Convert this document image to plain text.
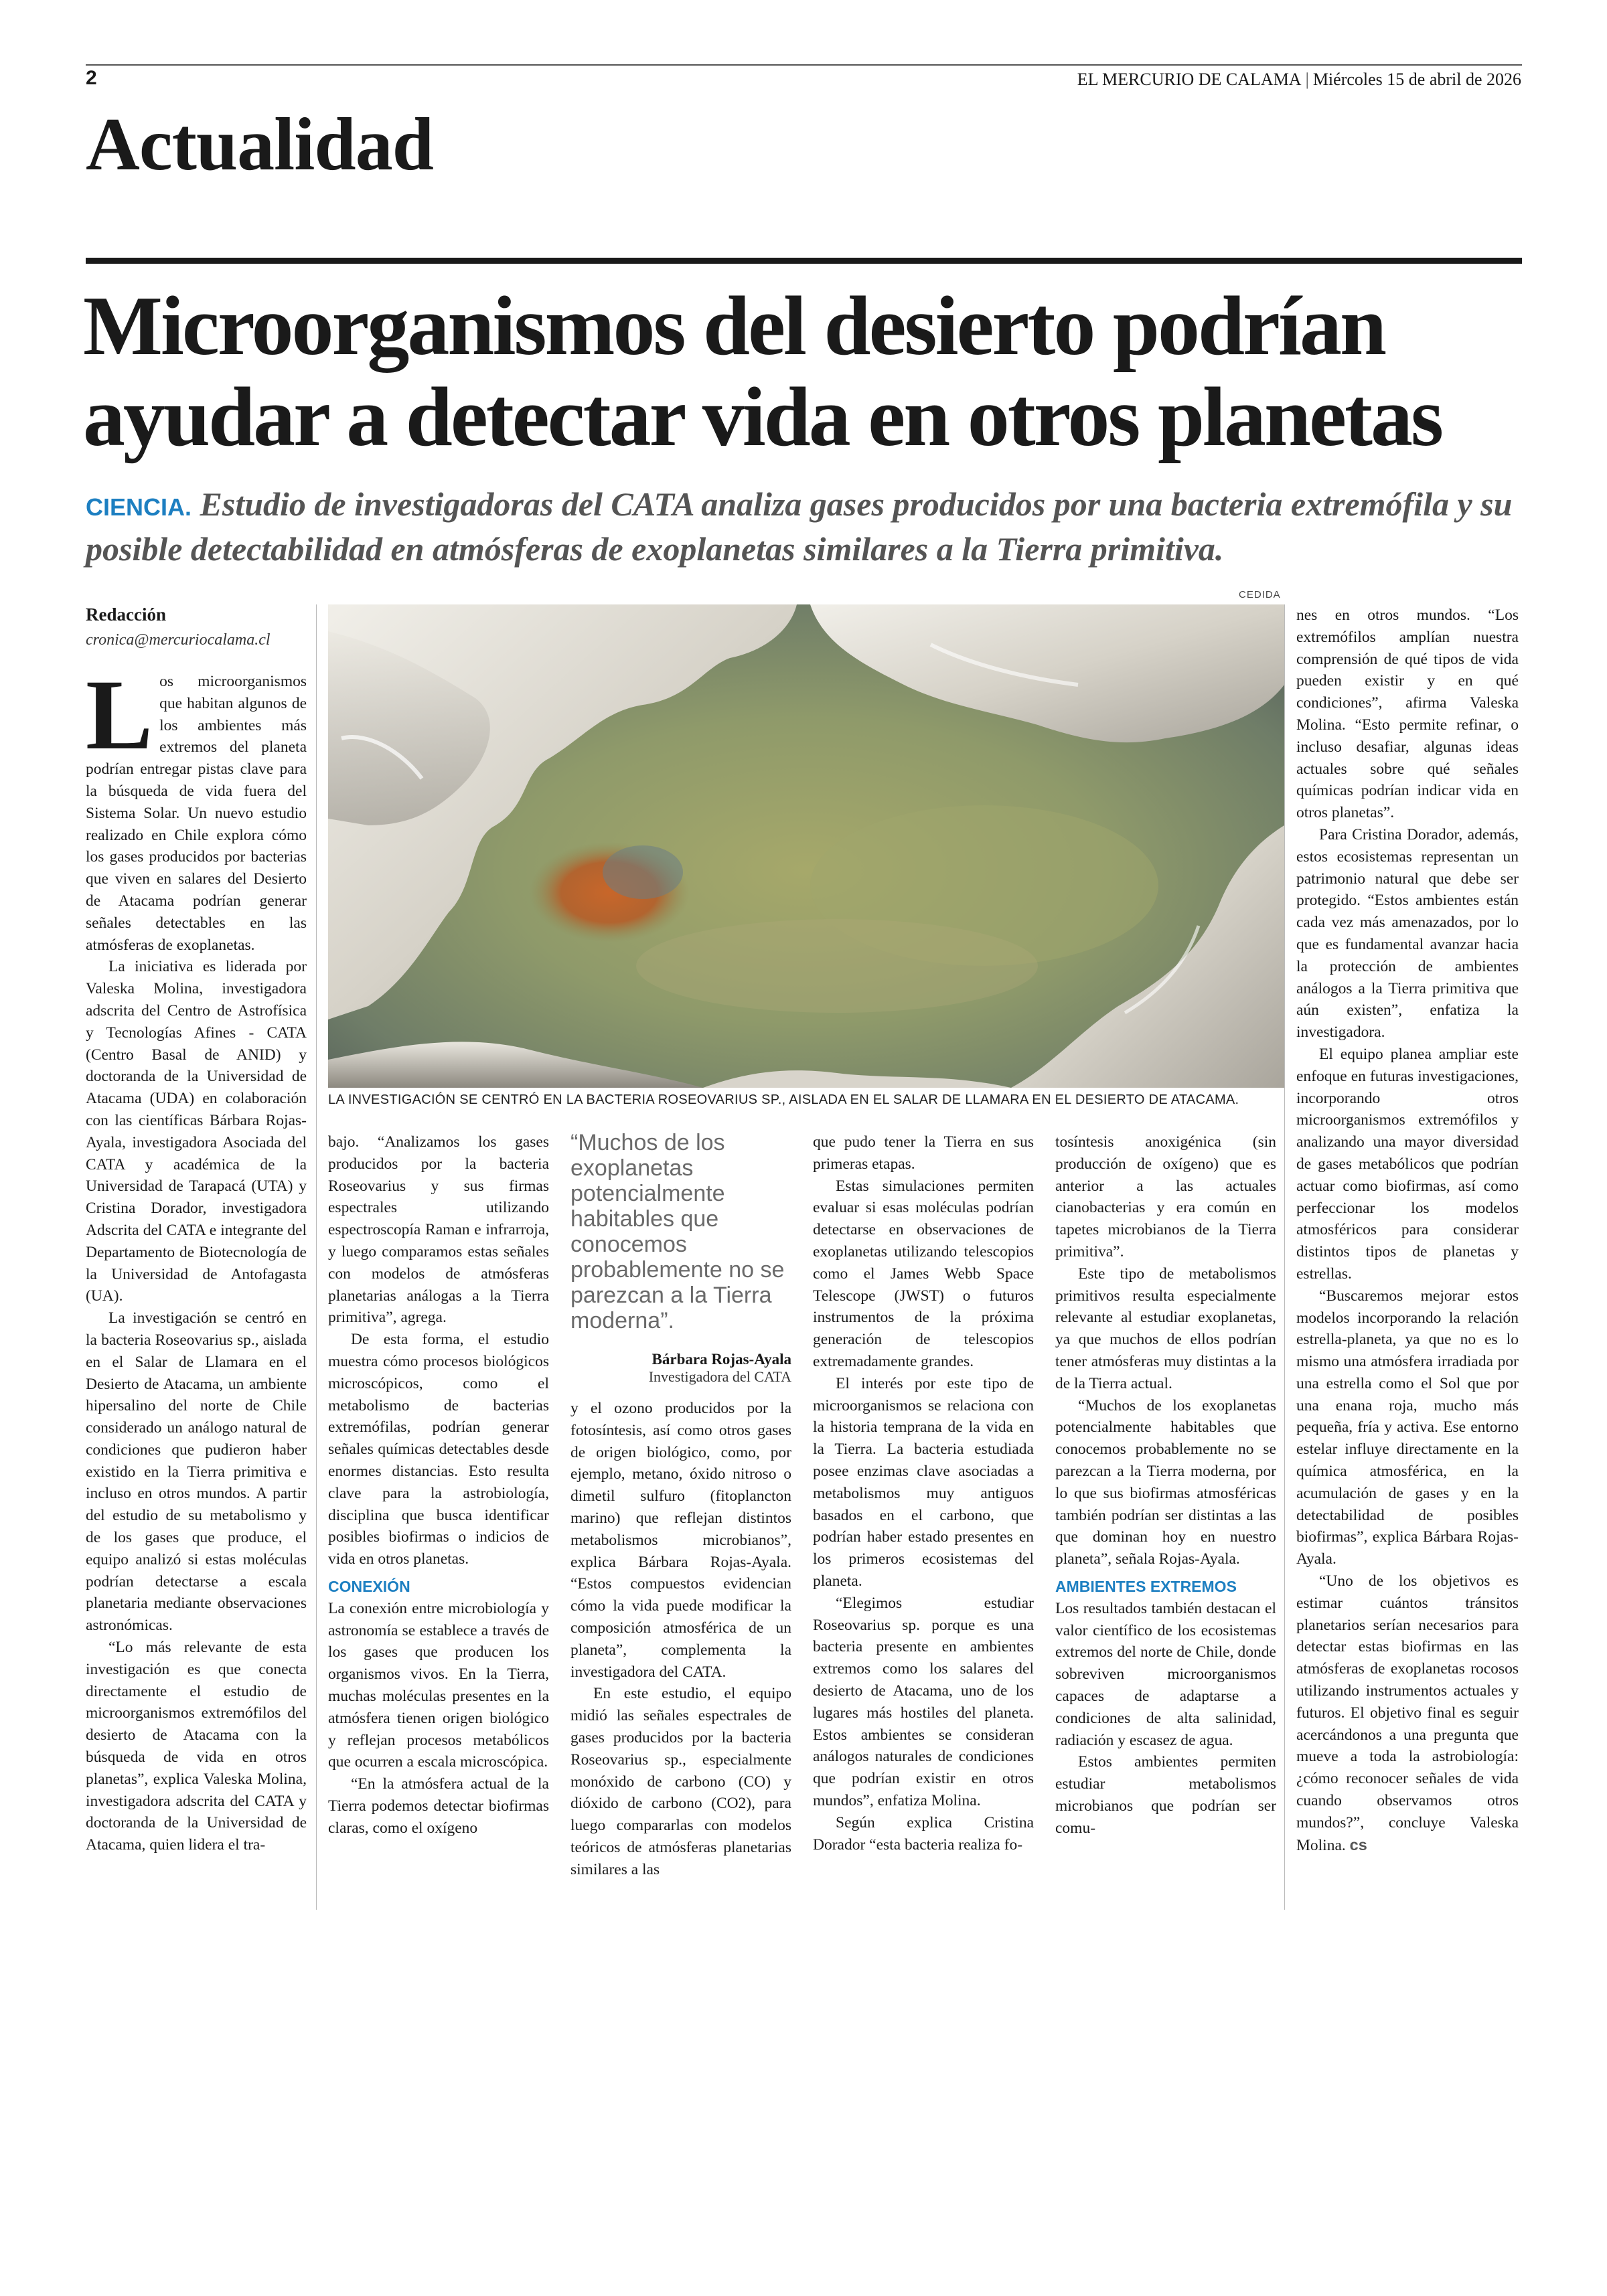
2	EL MERCURIO DE CALAMA | Miércoles 15 de abril de 2026
Actualidad
Microorganismos del desierto podrían ayudar a detectar vida en otros planetas
CIENCIA. Estudio de investigadoras del CATA analiza gases producidos por una bacteria extremófila y su posible detectabilidad en atmósferas de exoplanetas similares a la Tierra primitiva.
Redacción
cronica@mercuriocalama.cl
CEDIDA
LA INVESTIGACIÓN SE CENTRÓ EN LA BACTERIA ROSEOVARIUS SP., AISLADA EN EL SALAR DE LLAMARA EN EL DESIERTO DE ATACAMA.

Los microorganismos que habitan algunos de los ambientes más extremos del planeta podrían entregar pistas clave para la búsqueda de vida fuera del Sistema Solar. Un nuevo estudio realizado en Chile explora cómo los gases producidos por bacterias que viven en salares del Desierto de Atacama podrían generar señales detectables en las atmósferas de exoplanetas.

La iniciativa es liderada por Valeska Molina, investigadora adscrita del Centro de Astrofísica y Tecnologías Afines - CATA (Centro Basal de ANID) y doctoranda de la Universidad de Atacama (UDA) en colaboración con las científicas Bárbara Rojas-Ayala, investigadora Asociada del CATA y académica de la Universidad de Tarapacá (UTA) y Cristina Dorador, investigadora Adscrita del CATA e integrante del Departamento de Biotecnología de la Universidad de Antofagasta (UA).

La investigación se centró en la bacteria Roseovarius sp., aislada en el Salar de Llamara en el Desierto de Atacama, un ambiente hipersalino del norte de Chile considerado un análogo natural de condiciones que pudieron haber existido en la Tierra primitiva e incluso en otros mundos. A partir del estudio de su metabolismo y de los gases que produce, el equipo analizó si estas moléculas podrían detectarse a escala planetaria mediante observaciones astronómicas.

“Lo más relevante de esta investigación es que conecta directamente el estudio de microorganismos extremófilos del desierto de Atacama con la búsqueda de vida en otros planetas”, explica Valeska Molina, investigadora adscrita del CATA y doctoranda de la Universidad de Atacama, quien lidera el tra-

bajo. “Analizamos los gases producidos por la bacteria Roseovarius y sus firmas espectrales utilizando espectroscopía Raman e infrarroja, y luego comparamos estas señales con modelos de atmósferas planetarias análogas a la Tierra primitiva”, agrega.

De esta forma, el estudio muestra cómo procesos biológicos microscópicos, como el metabolismo de bacterias extremófilas, podrían generar señales químicas detectables desde enormes distancias. Esto resulta clave para la astrobiología, disciplina que busca identificar posibles biofirmas o indicios de vida en otros planetas.

CONEXIÓN

La conexión entre microbiología y astronomía se establece a través de los gases que producen los organismos vivos. En la Tierra, muchas moléculas presentes en la atmósfera tienen origen biológico y reflejan procesos metabólicos que ocurren a escala microscópica.

“En la atmósfera actual de la Tierra podemos detectar biofirmas claras, como el oxígeno

“Muchos de los exoplanetas potencialmente habitables que conocemos probablemente no se parezcan a la Tierra moderna”.
Bárbara Rojas-Ayala
Investigadora del CATA

y el ozono producidos por la fotosíntesis, así como otros gases de origen biológico, como, por ejemplo, metano, óxido nitroso o dimetil sulfuro (fitoplancton marino) que reflejan distintos metabolismos microbianos”, explica Bárbara Rojas-Ayala. “Estos compuestos evidencian cómo la vida puede modificar la composición atmosférica de un planeta”, complementa la investigadora del CATA.

En este estudio, el equipo midió las señales espectrales de gases producidos por la bacteria Roseovarius sp., especialmente monóxido de carbono (CO) y dióxido de carbono (CO2), para luego compararlas con modelos teóricos de atmósferas planetarias similares a las

que pudo tener la Tierra en sus primeras etapas.

Estas simulaciones permiten evaluar si esas moléculas podrían detectarse en observaciones de exoplanetas utilizando telescopios como el James Webb Space Telescope (JWST) o futuros instrumentos de la próxima generación de telescopios extremadamente grandes.

El interés por este tipo de microorganismos se relaciona con la historia temprana de la vida en la Tierra. La bacteria estudiada posee enzimas clave asociadas a metabolismos muy antiguos basados en el carbono, que podrían haber estado presentes en los primeros ecosistemas del planeta.

“Elegimos estudiar Roseovarius sp. porque es una bacteria presente en ambientes extremos como los salares del desierto de Atacama, uno de los lugares más hostiles del planeta. Estos ambientes se consideran análogos naturales de condiciones que podrían existir en otros mundos”, enfatiza Molina.

Según explica Cristina Dorador “esta bacteria realiza fo-

tosíntesis anoxigénica (sin producción de oxígeno) que es anterior a las actuales cianobacterias y era común en tapetes microbianos de la Tierra primitiva”.

Este tipo de metabolismos primitivos resulta especialmente relevante al estudiar exoplanetas, ya que muchos de ellos podrían tener atmósferas muy distintas a la de la Tierra actual.

“Muchos de los exoplanetas potencialmente habitables que conocemos probablemente no se parezcan a la Tierra moderna, por lo que sus biofirmas atmosféricas también podrían ser distintas a las que dominan hoy en nuestro planeta”, señala Rojas-Ayala.

AMBIENTES EXTREMOS

Los resultados también destacan el valor científico de los ecosistemas extremos del norte de Chile, donde sobreviven microorganismos capaces de adaptarse a condiciones de alta salinidad, radiación y escasez de agua.

Estos ambientes permiten estudiar metabolismos microbianos que podrían ser comu-

nes en otros mundos. “Los extremófilos amplían nuestra comprensión de qué tipos de vida pueden existir y en qué condiciones”, afirma Valeska Molina. “Esto permite refinar, o incluso desafiar, algunas ideas actuales sobre qué señales químicas podrían indicar vida en otros planetas”.

Para Cristina Dorador, además, estos ecosistemas representan un patrimonio natural que debe ser protegido. “Estos ambientes están cada vez más amenazados, por lo que es fundamental avanzar hacia la protección de ambientes análogos a la Tierra primitiva que aún existen”, enfatiza la investigadora.

El equipo planea ampliar este enfoque en futuras investigaciones, incorporando otros microorganismos extremófilos y analizando una mayor diversidad de gases metabólicos que podrían actuar como biofirmas, así como perfeccionar los modelos atmosféricos para considerar distintos tipos de planetas y estrellas.

“Buscaremos mejorar estos modelos incorporando la relación estrella-planeta, ya que no es lo mismo una atmósfera irradiada por una estrella como el Sol que por una enana roja, mucho más pequeña, fría y activa. Ese entorno estelar influye directamente en la química atmosférica, en la acumulación de gases y en la detectabilidad de posibles biofirmas”, explica Bárbara Rojas-Ayala.

“Uno de los objetivos es estimar cuántos tránsitos planetarios serían necesarios para detectar estas biofirmas en las atmósferas de exoplanetas rocosos utilizando instrumentos actuales y futuros. El objetivo final es seguir acercándonos a una pregunta que mueve a toda la astrobiología: ¿cómo reconocer señales de vida cuando observamos otros mundos?”, concluye Valeska Molina. cs
